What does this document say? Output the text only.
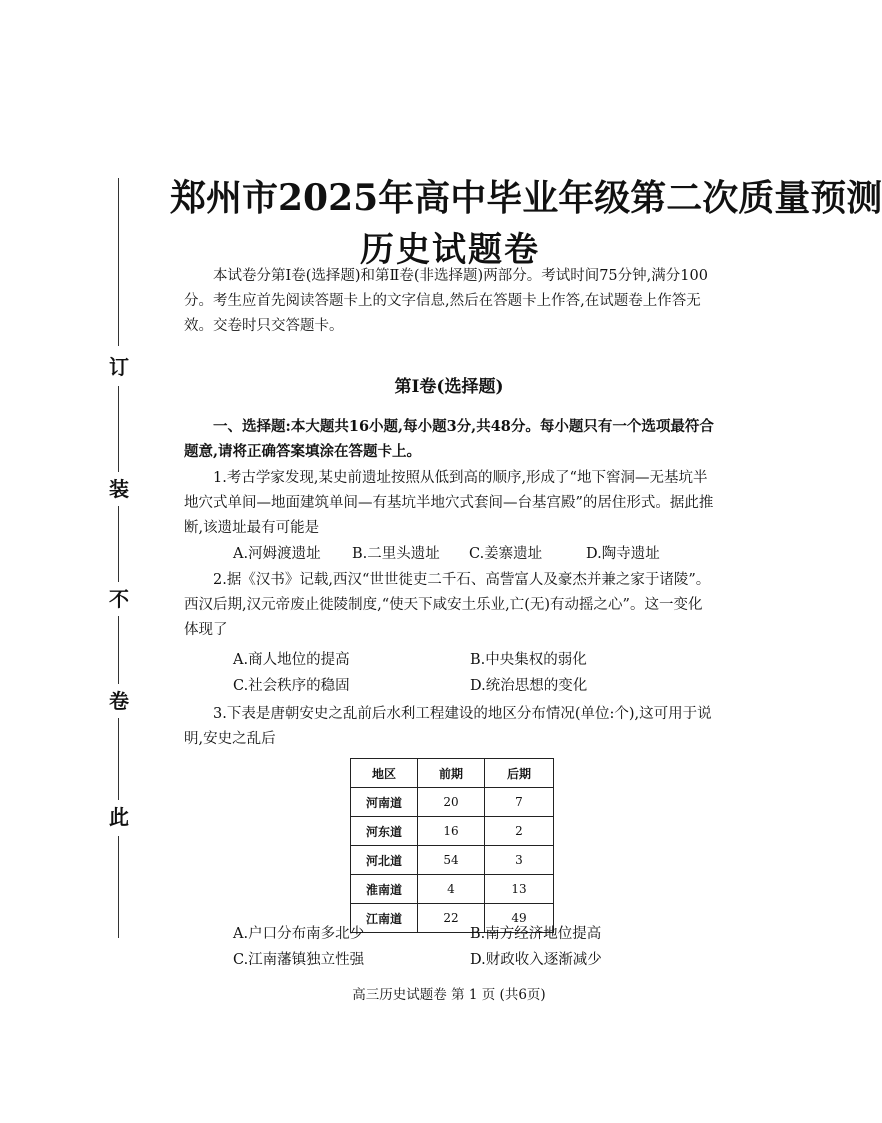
订
装
不
卷
此
郑州市2025年高中毕业年级第二次质量预测
历史试题卷
本试卷分第Ⅰ卷(选择题)和第Ⅱ卷(非选择题)两部分。考试时间75分钟,满分100分。考生应首先阅读答题卡上的文字信息,然后在答题卡上作答,在试题卷上作答无效。交卷时只交答题卡。
第Ⅰ卷(选择题)
一、选择题:本大题共16小题,每小题3分,共48分。每小题只有一个选项最符合题意,请将正确答案填涂在答题卡上。
1.考古学家发现,某史前遗址按照从低到高的顺序,形成了“地下窖洞—无基坑半地穴式单间—地面建筑单间—有基坑半地穴式套间—台基宫殿”的居住形式。据此推断,该遗址最有可能是
A.河姆渡遗址 B.二里头遗址 C.姜寨遗址	D.陶寺遗址
2.据《汉书》记载,西汉“世世徙吏二千石、高訾富人及豪杰并兼之家于诸陵”。西汉后期,汉元帝废止徙陵制度,“使天下咸安土乐业,亡(无)有动摇之心”。这一变化体现了
A.商人地位的提高	B.中央集权的弱化
C.社会秩序的稳固	D.统治思想的变化
3.下表是唐朝安史之乱前后水利工程建设的地区分布情况(单位:个),这可用于说明,安史之乱后
地区	前期	后期
河南道	20	7
河东道	16	2
河北道	54	3
淮南道	4	13
江南道	22	49
A.户口分布南多北少	B.南方经济地位提高
C.江南藩镇独立性强	D.财政收入逐渐减少
高三历史试题卷 第 1 页 (共6页)
